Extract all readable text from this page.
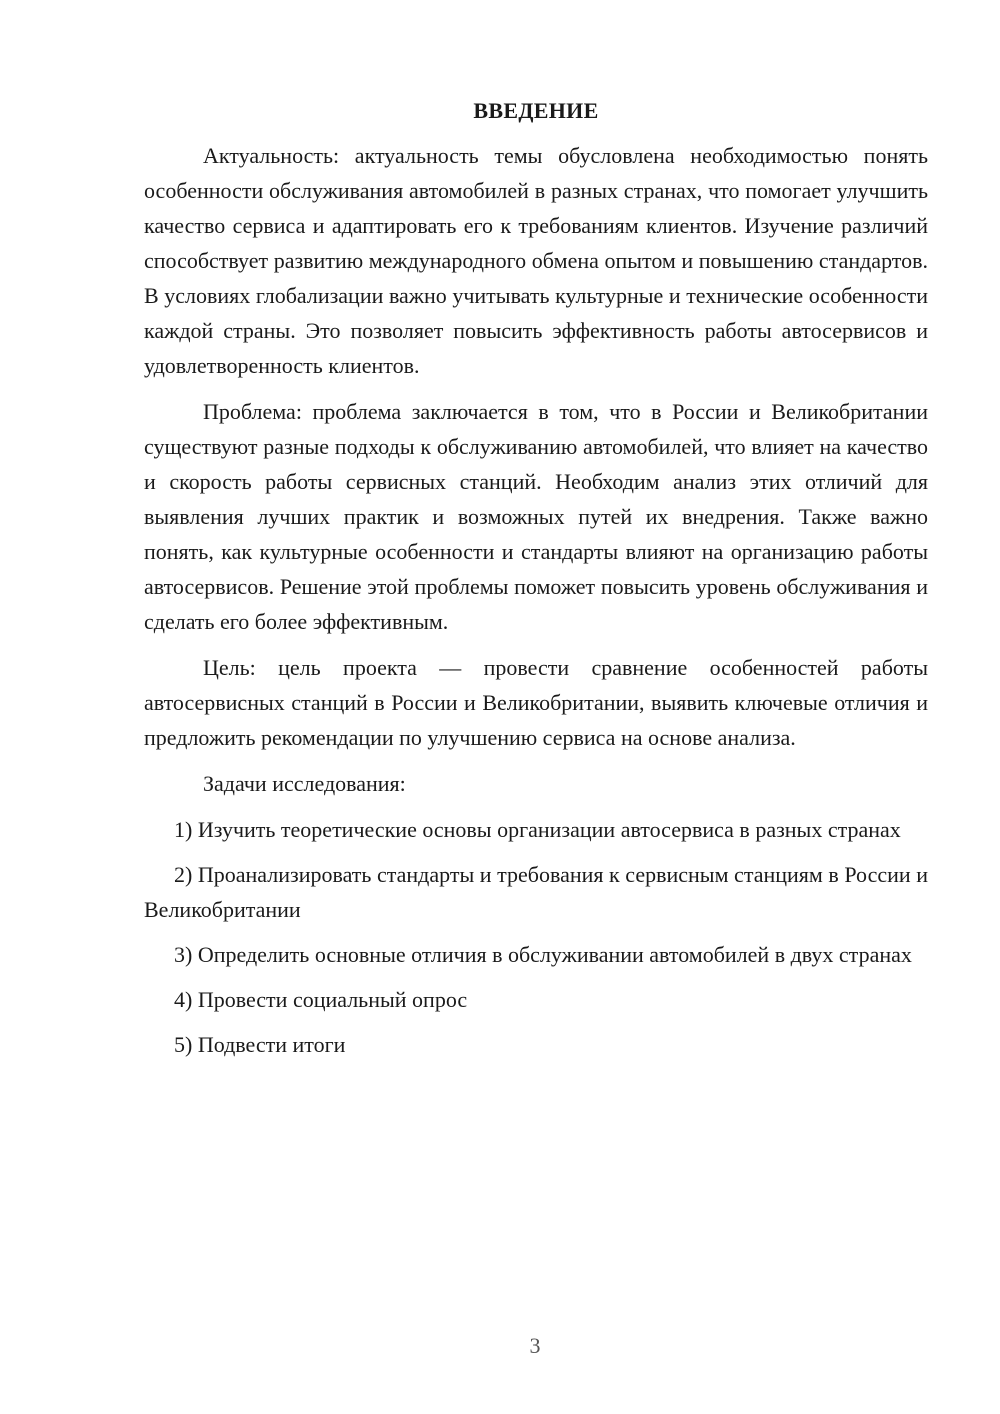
ВВЕДЕНИЕ

Актуальность: актуальность темы обусловлена необходимостью понять особенности обслуживания автомобилей в разных странах, что помогает улучшить качество сервиса и адаптировать его к требованиям клиентов. Изучение различий способствует развитию международного обмена опытом и повышению стандартов. В условиях глобализации важно учитывать культурные и технические особенности каждой страны. Это позволяет повысить эффективность работы автосервисов и удовлетворенность клиентов.

Проблема: проблема заключается в том, что в России и Великобритании существуют разные подходы к обслуживанию автомобилей, что влияет на качество и скорость работы сервисных станций. Необходим анализ этих отличий для выявления лучших практик и возможных путей их внедрения. Также важно понять, как культурные особенности и стандарты влияют на организацию работы автосервисов. Решение этой проблемы поможет повысить уровень обслуживания и сделать его более эффективным.

Цель: цель проекта — провести сравнение особенностей работы автосервисных станций в России и Великобритании, выявить ключевые отличия и предложить рекомендации по улучшению сервиса на основе анализа.

Задачи исследования:

1) Изучить теоретические основы организации автосервиса в разных странах

2) Проанализировать стандарты и требования к сервисным станциям в России и Великобритании

3) Определить основные отличия в обслуживании автомобилей в двух странах

4) Провести социальный опрос

5) Подвести итоги

3
